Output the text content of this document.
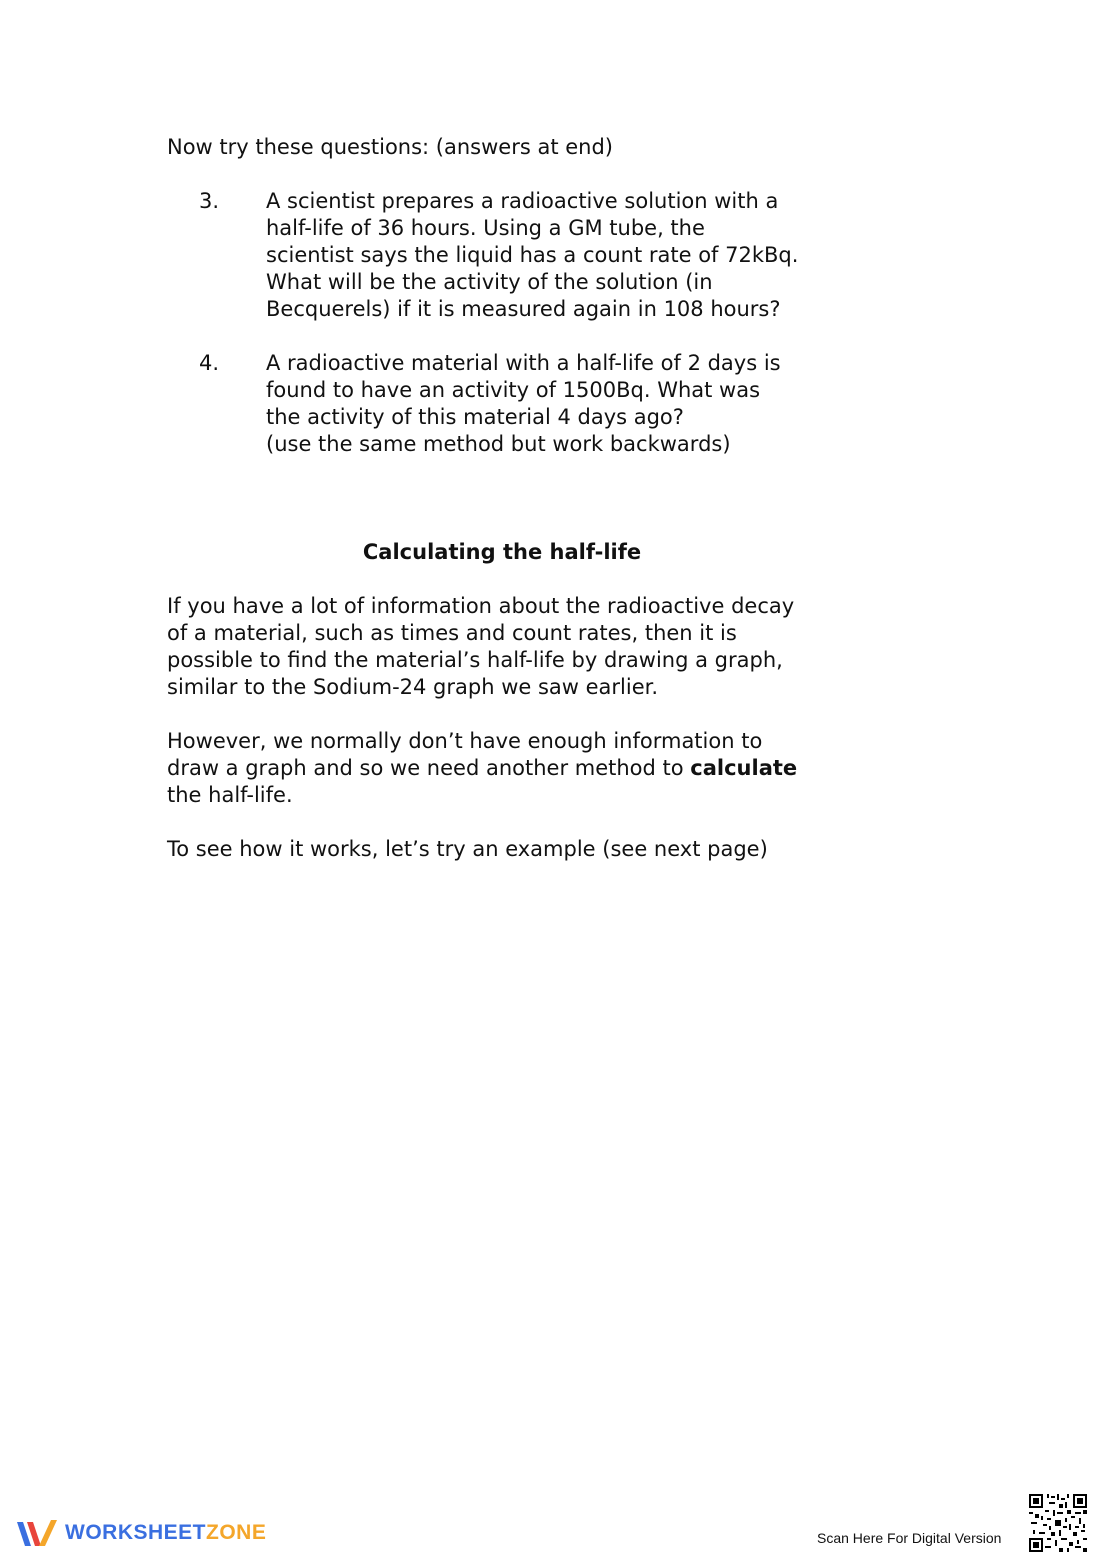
Now try these questions: (answers at end)
3.	A scientist prepares a radioactive solution with a
half-life of 36 hours. Using a GM tube, the
scientist says the liquid has a count rate of 72kBq.
What will be the activity of the solution (in
Becquerels) if it is measured again in 108 hours?
4.	A radioactive material with a half-life of 2 days is
found to have an activity of 1500Bq. What was
the activity of this material 4 days ago?
(use the same method but work backwards)
Calculating the half-life
If you have a lot of information about the radioactive decay
of a material, such as times and count rates, then it is
possible to find the material’s half-life by drawing a graph,
similar to the Sodium-24 graph we saw earlier.
However, we normally don’t have enough information to
draw a graph and so we need another method to calculate
the half-life.
To see how it works, let’s try an example (see next page)
WORKSHEETZONE	Scan Here For Digital Version
